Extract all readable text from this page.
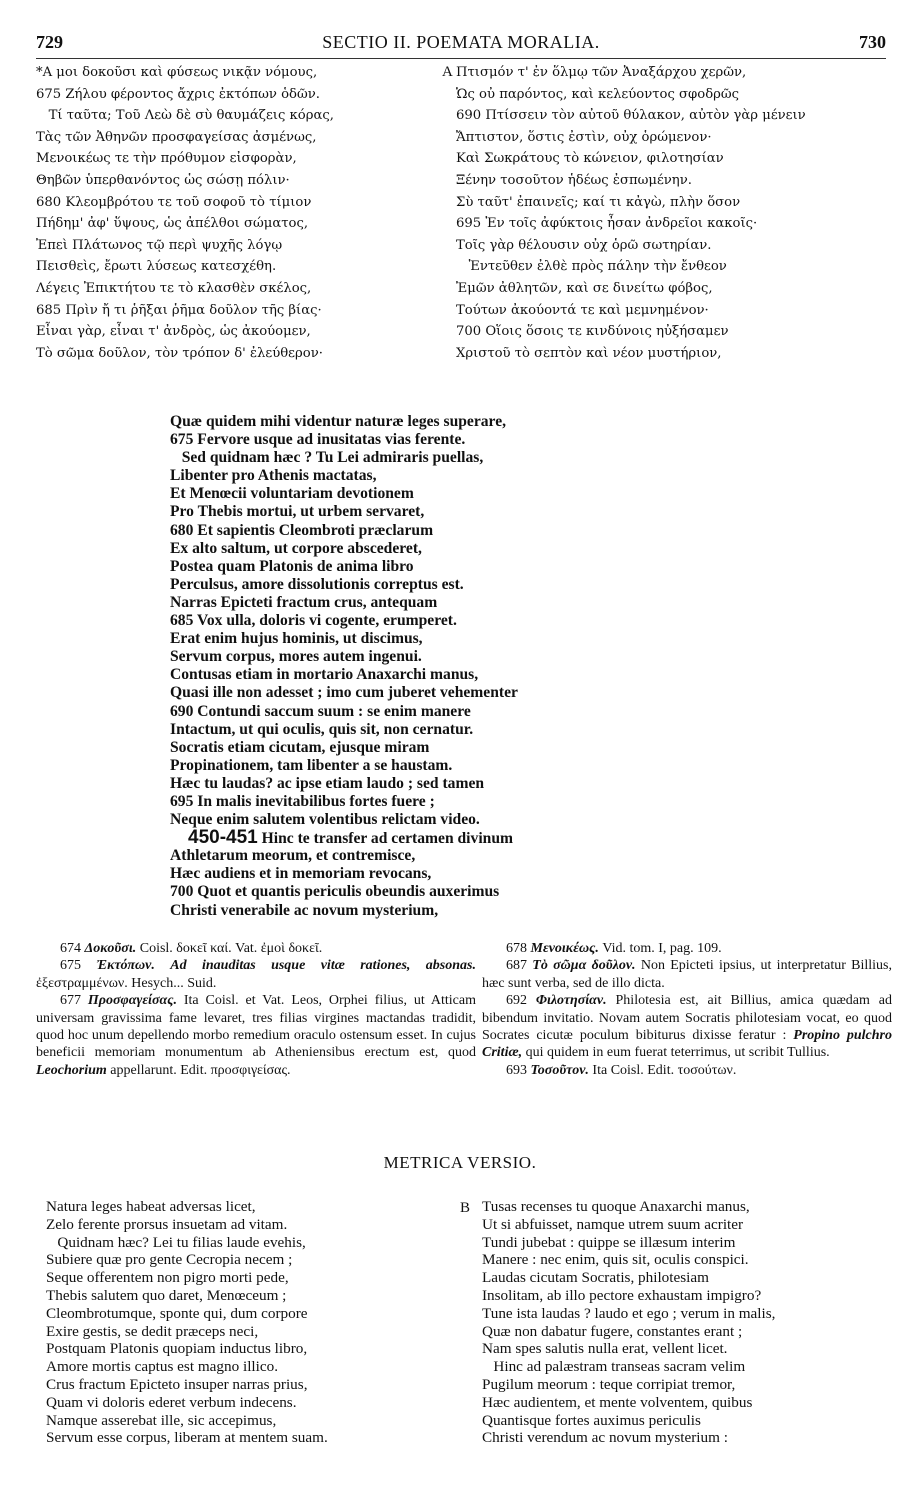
729	SECTIO II. POEMATA MORALIA.	730
*Α μοι δοκοῦσι καὶ φύσεως νικᾷν νόμους,
675 Ζήλου φέροντος ἄχρις ἐκτόπων ὁδῶν.
Τί ταῦτα; Τοῦ Λεὼ δὲ σὺ θαυμάζεις κόρας,
Τὰς τῶν Ἀθηνῶν προσφαγείσας ἀσμένως,
Μενοικέως τε τὴν πρόθυμον εἰσφορὰν,
Θηβῶν ὑπερθανόντος ὡς σώσῃ πόλιν·
680 Κλεομβρότου τε τοῦ σοφοῦ τὸ τίμιον
Πήδημ' ἀφ' ὕψους, ὡς ἀπέλθοι σώματος,
Ἐπεὶ Πλάτωνος τῷ περὶ ψυχῆς λόγῳ
Πεισθεὶς, ἔρωτι λύσεως κατεσχέθη.
Λέγεις Ἐπικτήτου τε τὸ κλασθὲν σκέλος,
685 Πρὶν ἤ τι ῥῆξαι ῥῆμα δοῦλον τῆς βίας·
Εἶναι γὰρ, εἶναι τ' ἀνδρὸς, ὡς ἀκούομεν,
Τὸ σῶμα δοῦλον, τὸν τρόπον δ' ἐλεύθερον·
A Πτισμόν τ' ἐν ὅλμῳ τῶν Ἀναξάρχου χερῶν,
Ὡς οὐ παρόντος, καὶ κελεύοντος σφοδρῶς
690 Πτίσσειν τὸν αὐτοῦ θύλακον, αὐτὸν γὰρ μένειν
Ἄπτιστον, ὅστις ἐστὶν, οὐχ ὁρώμενον·
Καὶ Σωκράτους τὸ κώνειον, φιλοτησίαν
Ξένην τοσοῦτον ἡδέως ἐσπωμένην.
Σὺ ταῦτ' ἐπαινεῖς; καί τι κἀγὼ, πλὴν ὅσον
695 Ἐν τοῖς ἀφύκτοις ἦσαν ἀνδρεῖοι κακοῖς·
Τοῖς γὰρ θέλουσιν οὐχ ὁρῶ σωτηρίαν.
Ἐντεῦθεν ἐλθὲ πρὸς πάλην τὴν ἔνθεον
Ἐμῶν ἀθλητῶν, καὶ σε δινείτω φόβος,
Τούτων ἀκούοντά τε καὶ μεμνημένον·
700 Οἵοις ὅσοις τε κινδύνοις ηὐξήσαμεν
Χριστοῦ τὸ σεπτὸν καὶ νέον μυστήριον,
Quæ quidem mihi videntur naturæ leges superare,
675 Fervore usque ad inusitatas vias ferente.
Sed quidnam hæc ? Tu Lei admiraris puellas,
Libenter pro Athenis mactatas,
Et Menœcii voluntariam devotionem
Pro Thebis mortui, ut urbem servaret,
680 Et sapientis Cleombroti præclarum
Ex alto saltum, ut corpore abscederet,
Postea quam Platonis de anima libro
Perculsus, amore dissolutionis correptus est.
Narras Epicteti fractum crus, antequam
685 Vox ulla, doloris vi cogente, erumperet.
Erat enim hujus hominis, ut discimus,
Servum corpus, mores autem ingenui.
Contusas etiam in mortario Anaxarchi manus,
Quasi ille non adesset ; imo cum juberet vehementer
690 Contundi saccum suum : se enim manere
Intactum, ut qui oculis, quis sit, non cernatur.
Socratis etiam cicutam, ejusque miram
Propinationem, tam libenter a se haustam.
Hæc tu laudas? ac ipse etiam laudo ; sed tamen
695 In malis inevitabilibus fortes fuere ;
Neque enim salutem volentibus relictam video.
450-451 Hinc te transfer ad certamen divinum
Athletarum meorum, et contremisce,
Hæc audiens et in memoriam revocans,
700 Quot et quantis periculis obeundis auxerimus
Christi venerabile ac novum mysterium,

674 Δοκοῦσι. Coisl. δοκεῖ καί. Vat. ἐμοὶ δοκεῖ.

675 Ἐκτόπων. Ad inauditas usque vitæ rationes, absonas. ἐξεστραμμένων. Hesych... Suid.

677 Προσφαγείσας. Ita Coisl. et Vat. Leos, Orphei filius, ut Atticam universam gravissima fame levaret, tres filias virgines mactandas tradidit, quod hoc unum depellendo morbo remedium oraculo ostensum esset. In cujus beneficii memoriam monumentum ab Atheniensibus erectum est, quod Leochorium appellarunt. Edit. προσφιγείσας.

678 Μενοικέως. Vid. tom. I, pag. 109.

687 Τὸ σῶμα δοῦλον. Non Epicteti ipsius, ut interpretatur Billius, hæc sunt verba, sed de illo dicta.

692 Φιλοτησίαν. Philotesia est, ait Billius, amica quædam ad bibendum invitatio. Novam autem Socratis philotesiam vocat, eo quod Socrates cicutæ poculum bibiturus dixisse feratur : Propino pulchro Critiæ, qui quidem in eum fuerat teterrimus, ut scribit Tullius.

693 Τοσοῦτον. Ita Coisl. Edit. τοσούτων.

METRICA VERSIO.
Natura leges habeat adversas licet,
Zelo ferente prorsus insuetam ad vitam.
Quidnam hæc? Lei tu filias laude evehis,
Subiere quæ pro gente Cecropia necem ;
Seque offerentem non pigro morti pede,
Thebis salutem quo daret, Menœceum ;
Cleombrotumque, sponte qui, dum corpore
Exire gestis, se dedit præceps neci,
Postquam Platonis quopiam inductus libro,
Amore mortis captus est magno illico.
Crus fractum Epicteto insuper narras prius,
Quam vi doloris ederet verbum indecens.
Namque asserebat ille, sic accepimus,
Servum esse corpus, liberam at mentem suam.
B Tusas recenses tu quoque Anaxarchi manus,
Ut si abfuisset, namque utrem suum acriter
Tundi jubebat : quippe se illæsum interim
Manere : nec enim, quis sit, oculis conspici.
Laudas cicutam Socratis, philotesiam
Insolitam, ab illo pectore exhaustam impigro?
Tune ista laudas ? laudo et ego ; verum in malis,
Quæ non dabatur fugere, constantes erant ;
Nam spes salutis nulla erat, vellent licet.
Hinc ad palæstram transeas sacram velim
Pugilum meorum : teque corripiat tremor,
Hæc audientem, et mente volventem, quibus
Quantisque fortes auximus periculis
Christi verendum ac novum mysterium :
